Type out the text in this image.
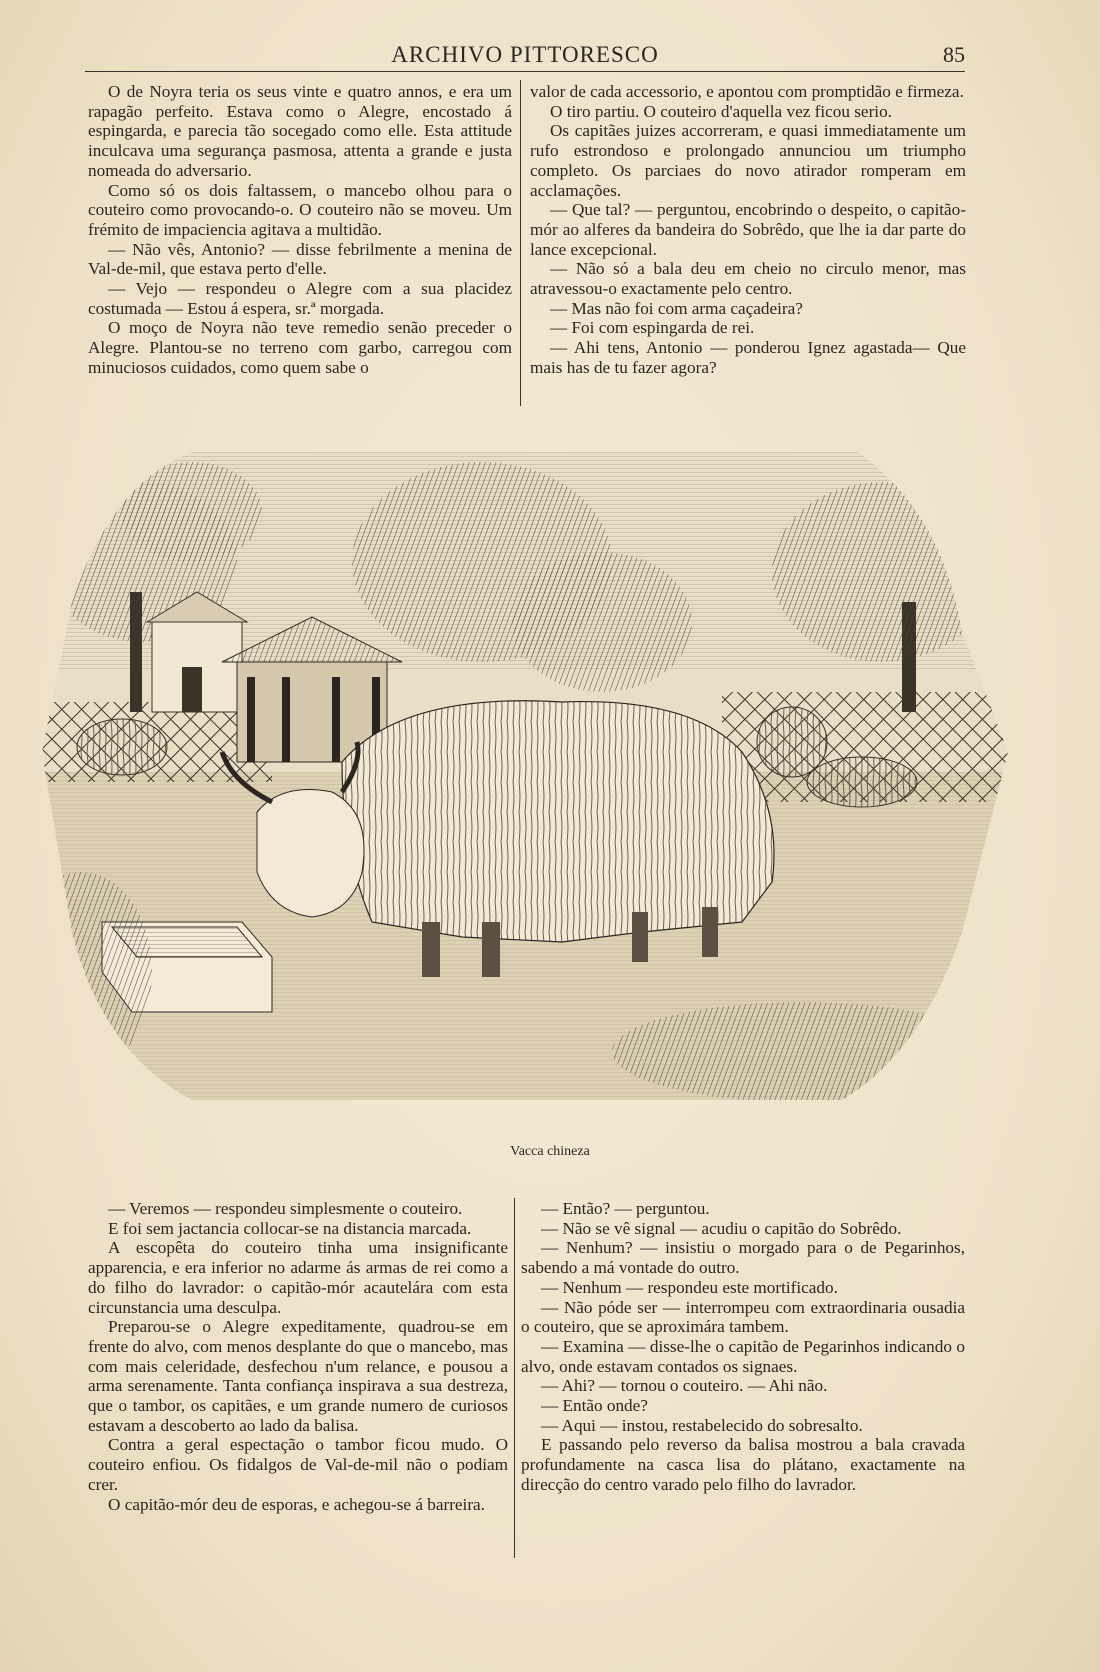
ARCHIVO PITTORESCO	85

O de Noyra teria os seus vinte e quatro annos, e era um rapagão perfeito. Estava como o Alegre, encostado á espingarda, e parecia tão socegado como elle. Esta attitude inculcava uma segurança pasmosa, attenta a grande e justa nomeada do adversario.

Como só os dois faltassem, o mancebo olhou para o couteiro como provocando-o. O couteiro não se moveu. Um frémito de impaciencia agitava a multidão.

— Não vês, Antonio? — disse febrilmente a menina de Val-de-mil, que estava perto d'elle.

— Vejo — respondeu o Alegre com a sua placidez costumada — Estou á espera, sr.ª morgada.

O moço de Noyra não teve remedio senão preceder o Alegre. Plantou-se no terreno com garbo, carregou com minuciosos cuidados, como quem sabe o

valor de cada accessorio, e apontou com promptidão e firmeza.

O tiro partiu. O couteiro d'aquella vez ficou serio.

Os capitães juizes accorreram, e quasi immediatamente um rufo estrondoso e prolongado annunciou um triumpho completo. Os parciaes do novo atirador romperam em acclamações.

— Que tal? — perguntou, encobrindo o despeito, o capitão-mór ao alferes da bandeira do Sobrêdo, que lhe ia dar parte do lance excepcional.

— Não só a bala deu em cheio no circulo menor, mas atravessou-o exactamente pelo centro.

— Mas não foi com arma caçadeira?

— Foi com espingarda de rei.

— Ahi tens, Antonio — ponderou Ignez agastada— Que mais has de tu fazer agora?

Vacca chineza

— Veremos — respondeu simplesmente o couteiro.

E foi sem jactancia collocar-se na distancia marcada.

A escopêta do couteiro tinha uma insignificante apparencia, e era inferior no adarme ás armas de rei como a do filho do lavrador: o capitão-mór acautelára com esta circunstancia uma desculpa.

Preparou-se o Alegre expeditamente, quadrou-se em frente do alvo, com menos desplante do que o mancebo, mas com mais celeridade, desfechou n'um relance, e pousou a arma serenamente. Tanta confiança inspirava a sua destreza, que o tambor, os capitães, e um grande numero de curiosos estavam a descoberto ao lado da balisa.

Contra a geral espectação o tambor ficou mudo. O couteiro enfiou. Os fidalgos de Val-de-mil não o podiam crer.

O capitão-mór deu de esporas, e achegou-se á barreira.

— Então? — perguntou.

— Não se vê signal — acudiu o capitão do Sobrêdo.

— Nenhum? — insistiu o morgado para o de Pegarinhos, sabendo a má vontade do outro.

— Nenhum — respondeu este mortificado.

— Não póde ser — interrompeu com extraordinaria ousadia o couteiro, que se aproximára tambem.

— Examina — disse-lhe o capitão de Pegarinhos indicando o alvo, onde estavam contados os signaes.

— Ahi? — tornou o couteiro. — Ahi não.

— Então onde?

— Aqui — instou, restabelecido do sobresalto.

E passando pelo reverso da balisa mostrou a bala cravada profundamente na casca lisa do plátano, exactamente na direcção do centro varado pelo filho do lavrador.
